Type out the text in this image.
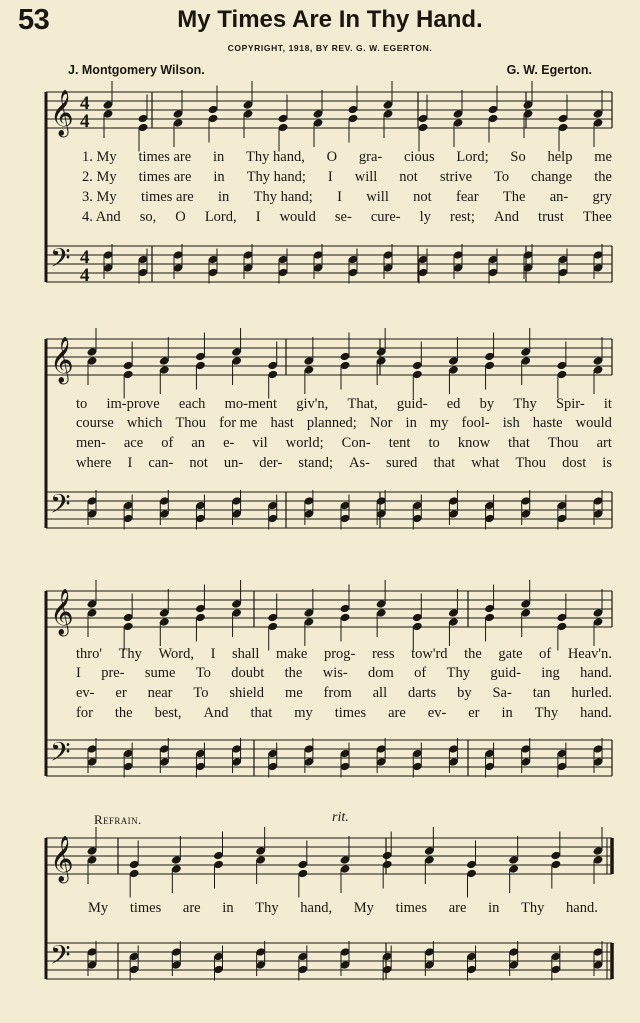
53	My Times Are In Thy Hand.
COPYRIGHT, 1918, BY REV. G. W. EGERTON.
J. Montgomery Wilson.	G. W. Egerton.
𝄞
𝄢
4
4
4
4
𝄞
𝄢
𝄞
𝄢
𝄞
𝄢
1. My times are in Thy hand, O gra- cious Lord; So help me
2. My times are in Thy hand; I will not strive To change the
3. My times are in Thy hand; I will not fear The an- gry
4. And so, O Lord, I would se- cure- ly rest; And trust Thee
to im-prove each mo-ment giv'n, That, guid- ed by Thy Spir- it
course which Thou for me hast planned; Nor in my fool- ish haste would
men- ace of an e- vil world; Con- tent to know that Thou art
where I can- not un- der- stand; As- sured that what Thou dost is
thro' Thy Word, I shall make prog- ress tow'rd the gate of Heav'n.
I pre- sume To doubt the wis- dom of Thy guid- ing hand.
ev- er near To shield me from all darts by Sa- tan hurled.
for the best, And that my times are ev- er in Thy hand.
Refrain.	rit.
My times are in Thy hand, My times are in Thy hand.
